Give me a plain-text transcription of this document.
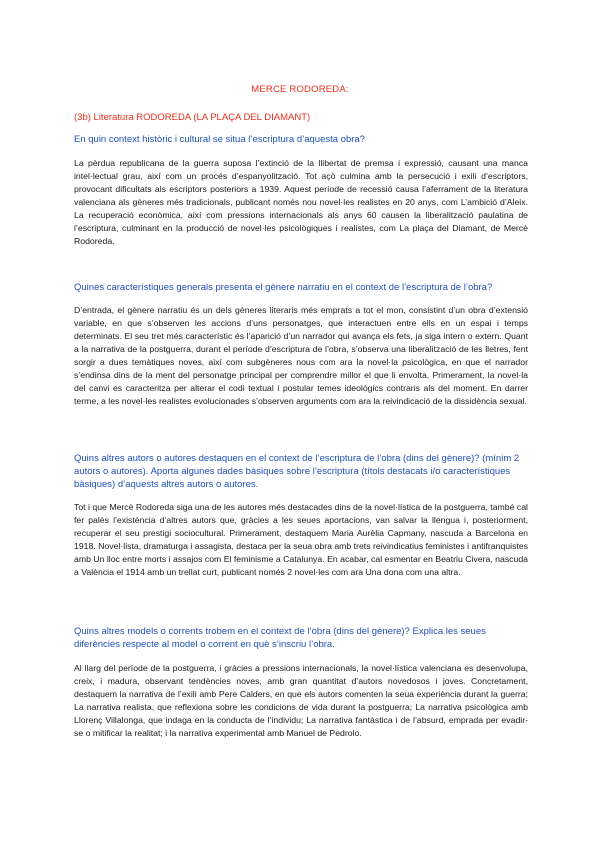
MERCE RODOREDA:
(3b) Literatura RODOREDA (LA PLAÇA DEL DIAMANT)
En quin context històric i cultural se situa l’escriptura d’aquesta obra?
La pèrdua republicana de la guerra suposa l’extinció de la llibertat de premsa i expressió, causant una manca intel·lectual grau, així com un procés d’espanyolització. Tot açò culmina amb la persecució i exili d’escriptors, provocant dificultats als escriptors posteriors a 1939. Aquest període de recessió causa l’aferrament de la literatura valenciana als gèneres més tradicionals, publicant només nou novel·les realistes en 20 anys, com L’ambició d’Aleix. La recuperació econòmica, així com pressions internacionals als anys 60 causen la liberalització paulatina de l’escriptura, culminant en la producció de novel·les psicològiques i realistes, com La plaça del Diamant, de Mercè Rodoreda.
Quines característiques generals presenta el gènere narratiu en el context de l’escriptura de l’obra?
D’entrada, el gènere narratiu és un dels gèneres literaris més emprats a tot el mon, consistint d’un obra d’extensió variable, en que s’observen les accions d’uns personatges, que interactuen entre ells en un espai i temps determinats. El seu tret més característic és l’aparició d’un narrador qui avança els fets, ja siga intern o extern. Quant a la narrativa de la postguerra, durant el període d’escriptura de l’obra, s’observa una liberalització de les lletres, fent sorgir a dues temàtiques noves, així com subgèneres nous com ara la novel·la psicològica, en que el narrador s’endinsa dins de la ment del personatge principal per comprendre millor el que li envolta. Primerament, la novel·la del canvi es caracteritza per alterar el codi textual i postular temes ideològics contraris als del moment. En darrer terme, a les novel·les realistes evolucionades s’observen arguments com ara la reivindicació de la dissidència sexual.
Quins altres autors o autores destaquen en el context de l’escriptura de l’obra (dins del gènere)? (mínim 2 autors o autores). Aporta algunes dades bàsiques sobre l’escriptura (títols destacats i/o característiques bàsiques) d’aquests altres autors o autores.
Tot i que Mercè Rodoreda siga una de les autores més destacades dins de la novel·lística de la postguerra, també cal fer palès l’existència d’altres autors que, gràcies a les seues aportacions, van salvar la llengua i, posteriorment, recuperar el seu prestigi sociocultural. Primerament, destaquem Maria Aurèlia Capmany, nascuda a Barcelona en 1918. Novel·lista, dramaturga i assagista, destaca per la seua obra amb trets reivindicatius feministes i antifranquistes amb Un lloc entre morts i assajos com El feminisme a Catalunya. En acabar, cal esmentar en Beatriu Civera, nascuda a València el 1914 amb un trellat curt, publicant només 2 novel·les com ara Una dona com una altra.
Quins altres models o corrents trobem en el context de l’obra (dins del gènere)? Explica les seues diferències respecte al model o corrent en què s’inscriu l’obra.
Al llarg del període de la postguerra, i gràcies a pressions internacionals, la novel·lística valenciana es desenvolupa, creix, i madura, observant tendències noves, amb gran quantitat d’autors novedosos i joves. Concretament, destaquem la narrativa de l’exili amb Pere Calders, en que els autors comenten la seua experiència durant la guerra; La narrativa realista, que reflexiona sobre les condicions de vida durant la postguerra; La narrativa psicològica amb Llorenç Villalonga, que indaga en la conducta de l’individu; La narrativa fantàstica i de l’absurd, emprada per evadir-se o mitificar la realitat; i la narrativa experimental amb Manuel de Pedrolo.
